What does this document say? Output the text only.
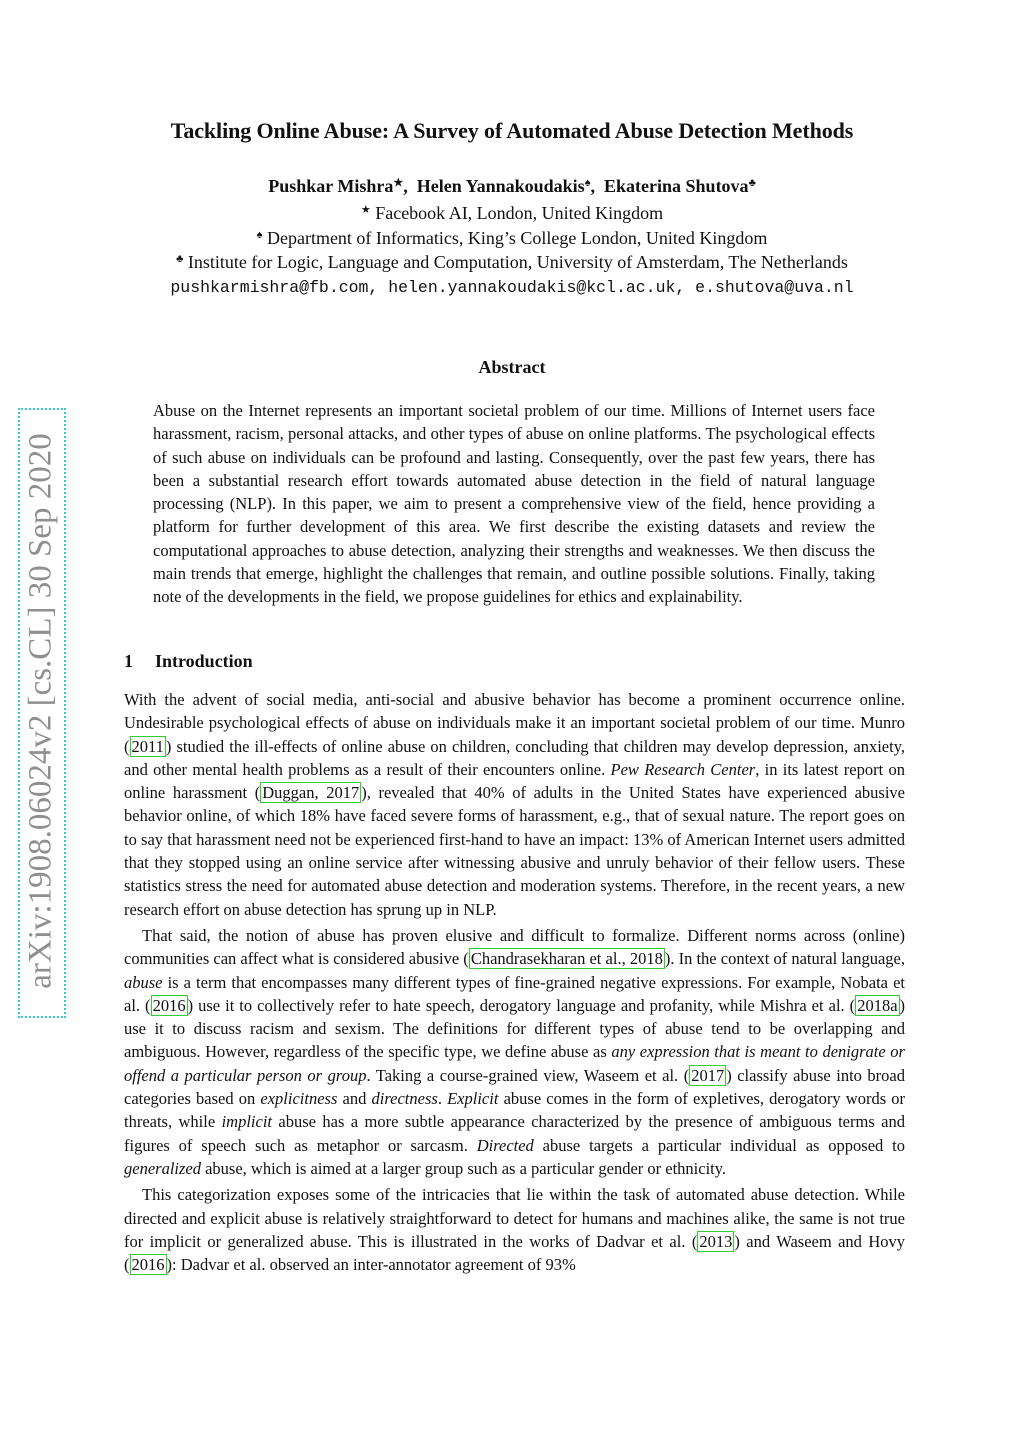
arXiv:1908.06024v2 [cs.CL] 30 Sep 2020
Tackling Online Abuse: A Survey of Automated Abuse Detection Methods
Pushkar Mishra★,  Helen Yannakoudakis♠,  Ekaterina Shutova♣
★ Facebook AI, London, United Kingdom
♠ Department of Informatics, King’s College London, United Kingdom
♣ Institute for Logic, Language and Computation, University of Amsterdam, The Netherlands
pushkarmishra@fb.com, helen.yannakoudakis@kcl.ac.uk, e.shutova@uva.nl
Abstract

Abuse on the Internet represents an important societal problem of our time. Millions of Internet users face harassment, racism, personal attacks, and other types of abuse on online platforms. The psychological effects of such abuse on individuals can be profound and lasting. Consequently, over the past few years, there has been a substantial research effort towards automated abuse detection in the field of natural language processing (NLP). In this paper, we aim to present a comprehensive view of the field, hence providing a platform for further development of this area. We first describe the existing datasets and review the computational approaches to abuse detection, analyzing their strengths and weaknesses. We then discuss the main trends that emerge, highlight the challenges that remain, and outline possible solutions. Finally, taking note of the developments in the field, we propose guidelines for ethics and explainability.

1 Introduction

With the advent of social media, anti-social and abusive behavior has become a prominent occurrence online. Undesirable psychological effects of abuse on individuals make it an important societal problem of our time. Munro ( 2011 ) studied the ill-effects of online abuse on children, concluding that children may develop depression, anxiety, and other mental health problems as a result of their encounters online. Pew Research Center, in its latest report on online harassment ( Duggan, 2017 ), revealed that 40% of adults in the United States have experienced abusive behavior online, of which 18% have faced severe forms of harassment, e.g., that of sexual nature. The report goes on to say that harassment need not be experienced first-hand to have an impact: 13% of American Internet users admitted that they stopped using an online service after witnessing abusive and unruly behavior of their fellow users. These statistics stress the need for automated abuse detection and moderation systems. Therefore, in the recent years, a new research effort on abuse detection has sprung up in NLP.

That said, the notion of abuse has proven elusive and difficult to formalize. Different norms across (online) communities can affect what is considered abusive ( Chandrasekharan et al., 2018 ). In the context of natural language, abuse is a term that encompasses many different types of fine-grained negative expressions. For example, Nobata et al. ( 2016 ) use it to collectively refer to hate speech, derogatory language and profanity, while Mishra et al. ( 2018a ) use it to discuss racism and sexism. The definitions for different types of abuse tend to be overlapping and ambiguous. However, regardless of the specific type, we define abuse as any expression that is meant to denigrate or offend a particular person or group. Taking a course-grained view, Waseem et al. ( 2017 ) classify abuse into broad categories based on explicitness and directness. Explicit abuse comes in the form of expletives, derogatory words or threats, while implicit abuse has a more subtle appearance characterized by the presence of ambiguous terms and figures of speech such as metaphor or sarcasm. Directed abuse targets a particular individual as opposed to generalized abuse, which is aimed at a larger group such as a particular gender or ethnicity.

This categorization exposes some of the intricacies that lie within the task of automated abuse detection. While directed and explicit abuse is relatively straightforward to detect for humans and machines alike, the same is not true for implicit or generalized abuse. This is illustrated in the works of Dadvar et al. ( 2013 ) and Waseem and Hovy ( 2016 ): Dadvar et al. observed an inter-annotator agreement of 93%
